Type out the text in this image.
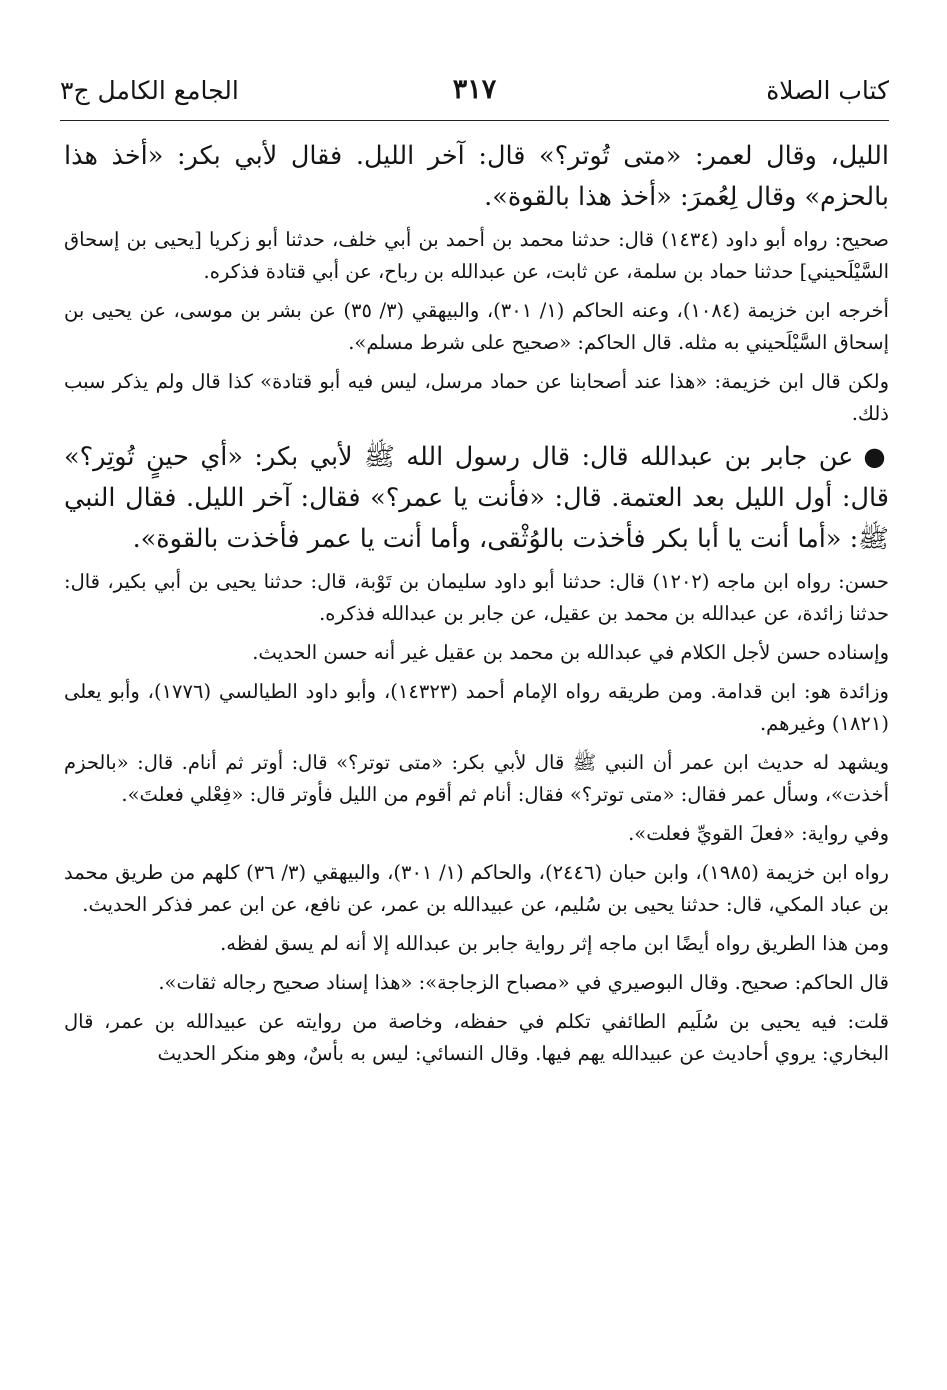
كتاب الصلاة
٣١٧
الجامع الكامل ج٣

الليل، وقال لعمر: «متى تُوتر؟» قال: آخر الليل. فقال لأبي بكر: «أخذ هذا بالحزم» وقال لِعُمرَ: «أخذ هذا بالقوة».

صحيح: رواه أبو داود (١٤٣٤) قال: حدثنا محمد بن أحمد بن أبي خلف، حدثنا أبو زكريا [يحيى بن إسحاق السَّيْلَحيني] حدثنا حماد بن سلمة، عن ثابت، عن عبدالله بن رباح، عن أبي قتادة فذكره.

أخرجه ابن خزيمة (١٠٨٤)، وعنه الحاكم (١/ ٣٠١)، والبيهقي (٣/ ٣٥) عن بشر بن موسى، عن يحيى بن إسحاق السَّيْلَحيني به مثله. قال الحاكم: «صحيح على شرط مسلم».

ولكن قال ابن خزيمة: «هذا عند أصحابنا عن حماد مرسل، ليس فيه أبو قتادة» كذا قال ولم يذكر سبب ذلك.

●عن جابر بن عبدالله قال: قال رسول الله ﷺ لأبي بكر: «أي حينٍ تُوتِر؟» قال: أول الليل بعد العتمة. قال: «فأنت يا عمر؟» فقال: آخر الليل. فقال النبي ﷺ: «أما أنت يا أبا بكر فأخذت بالوُثْقى، وأما أنت يا عمر فأخذت بالقوة».

حسن: رواه ابن ماجه (١٢٠٢) قال: حدثنا أبو داود سليمان بن تَوْبة، قال: حدثنا يحيى بن أبي بكير، قال: حدثنا زائدة، عن عبدالله بن محمد بن عقيل، عن جابر بن عبدالله فذكره.

وإسناده حسن لأجل الكلام في عبدالله بن محمد بن عقيل غير أنه حسن الحديث.

وزائدة هو: ابن قدامة. ومن طريقه رواه الإمام أحمد (١٤٣٢٣)، وأبو داود الطيالسي (١٧٧٦)، وأبو يعلى (١٨٢١) وغيرهم.

ويشهد له حديث ابن عمر أن النبي ﷺ قال لأبي بكر: «متى توتر؟» قال: أوتر ثم أنام. قال: «بالحزم أخذت»، وسأل عمر فقال: «متى توتر؟» فقال: أنام ثم أقوم من الليل فأوتر قال: «فِعْلي فعلتَ».

وفي رواية: «فعلَ القويِّ فعلت».

رواه ابن خزيمة (١٩٨٥)، وابن حبان (٢٤٤٦)، والحاكم (١/ ٣٠١)، والبيهقي (٣/ ٣٦) كلهم من طريق محمد بن عباد المكي، قال: حدثنا يحيى بن سُليم، عن عبيدالله بن عمر، عن نافع، عن ابن عمر فذكر الحديث.

ومن هذا الطريق رواه أيضًا ابن ماجه إثر رواية جابر بن عبدالله إلا أنه لم يسق لفظه.

قال الحاكم: صحيح. وقال البوصيري في «مصباح الزجاجة»: «هذا إسناد صحيح رجاله ثقات».

قلت: فيه يحيى بن سُلَيم الطائفي تكلم في حفظه، وخاصة من روايته عن عبيدالله بن عمر، قال البخاري: يروي أحاديث عن عبيدالله يهم فيها. وقال النسائي: ليس به بأسٌ، وهو منكر الحديث
